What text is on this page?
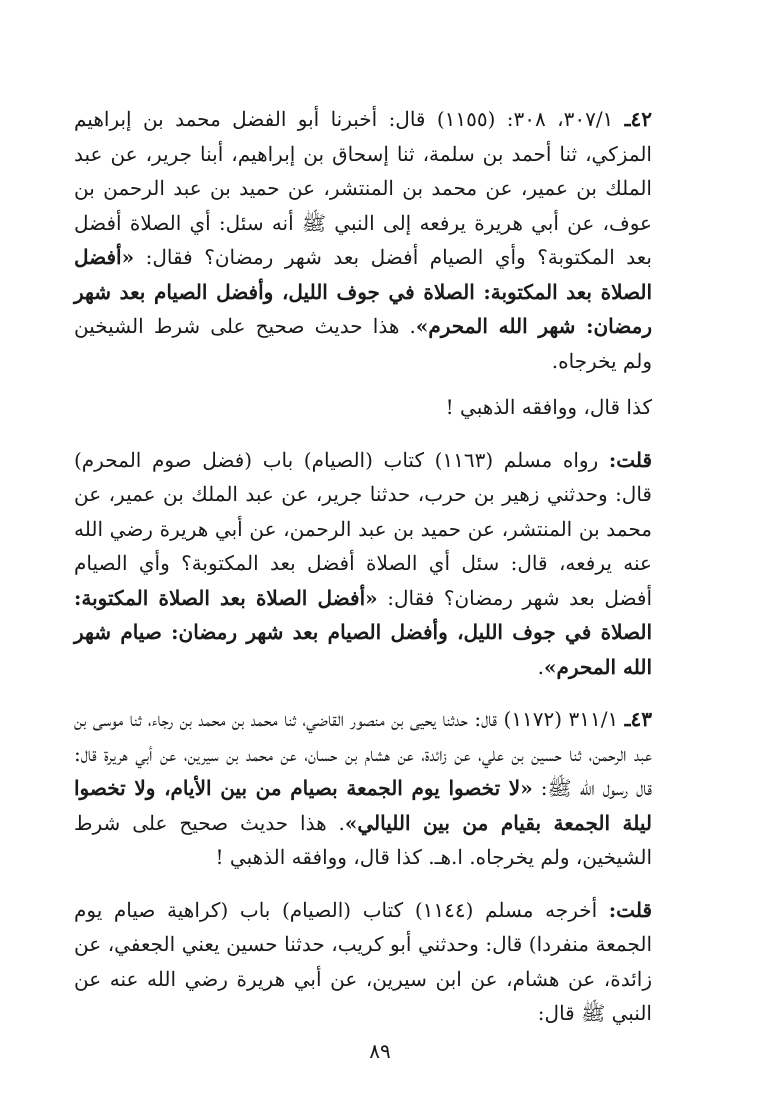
٤٢ـ ٣٠٧/١، ٣٠٨: (١١٥٥) قال: أخبرنا أبو الفضل محمد بن إبراهيم المزكي، ثنا أحمد بن سلمة، ثنا إسحاق بن إبراهيم، أبنا جرير، عن عبد الملك بن عمير، عن محمد بن المنتشر، عن حميد بن عبد الرحمن بن عوف، عن أبي هريرة يرفعه إلى النبي ﷺ أنه سئل: أي الصلاة أفضل بعد المكتوبة؟ وأي الصيام أفضل بعد شهر رمضان؟ فقال: «أفضل الصلاة بعد المكتوبة: الصلاة في جوف الليل، وأفضل الصيام بعد شهر رمضان: شهر الله المحرم». هذا حديث صحيح على شرط الشيخين ولم يخرجاه.

كذا قال، ووافقه الذهبي !

قلت: رواه مسلم (١١٦٣) كتاب (الصيام) باب (فضل صوم المحرم) قال: وحدثني زهير بن حرب، حدثنا جرير، عن عبد الملك بن عمير، عن محمد بن المنتشر، عن حميد بن عبد الرحمن، عن أبي هريرة رضي الله عنه يرفعه، قال: سئل أي الصلاة أفضل بعد المكتوبة؟ وأي الصيام أفضل بعد شهر رمضان؟ فقال: «أفضل الصلاة بعد الصلاة المكتوبة: الصلاة في جوف الليل، وأفضل الصيام بعد شهر رمضان: صيام شهر الله المحرم».

٤٣ـ ٣١١/١ (١١٧٢) قال: حدثنا يحيى بن منصور القاضي، ثنا محمد بن محمد بن رجاء، ثنا موسى بن عبد الرحمن، ثنا حسين بن علي، عن زائدة، عن هشام بن حسان، عن محمد بن سيرين، عن أبي هريرة قال: قال رسول الله ﷺ: «لا تخصوا يوم الجمعة بصيام من بين الأيام، ولا تخصوا ليلة الجمعة بقيام من بين الليالي». هذا حديث صحيح على شرط الشيخين، ولم يخرجاه. ا.هـ. كذا قال، ووافقه الذهبي !

قلت: أخرجه مسلم (١١٤٤) كتاب (الصيام) باب (كراهية صيام يوم الجمعة منفردا) قال: وحدثني أبو كريب، حدثنا حسين يعني الجعفي، عن زائدة، عن هشام، عن ابن سيرين، عن أبي هريرة رضي الله عنه عن النبي ﷺ قال:

٨٩
